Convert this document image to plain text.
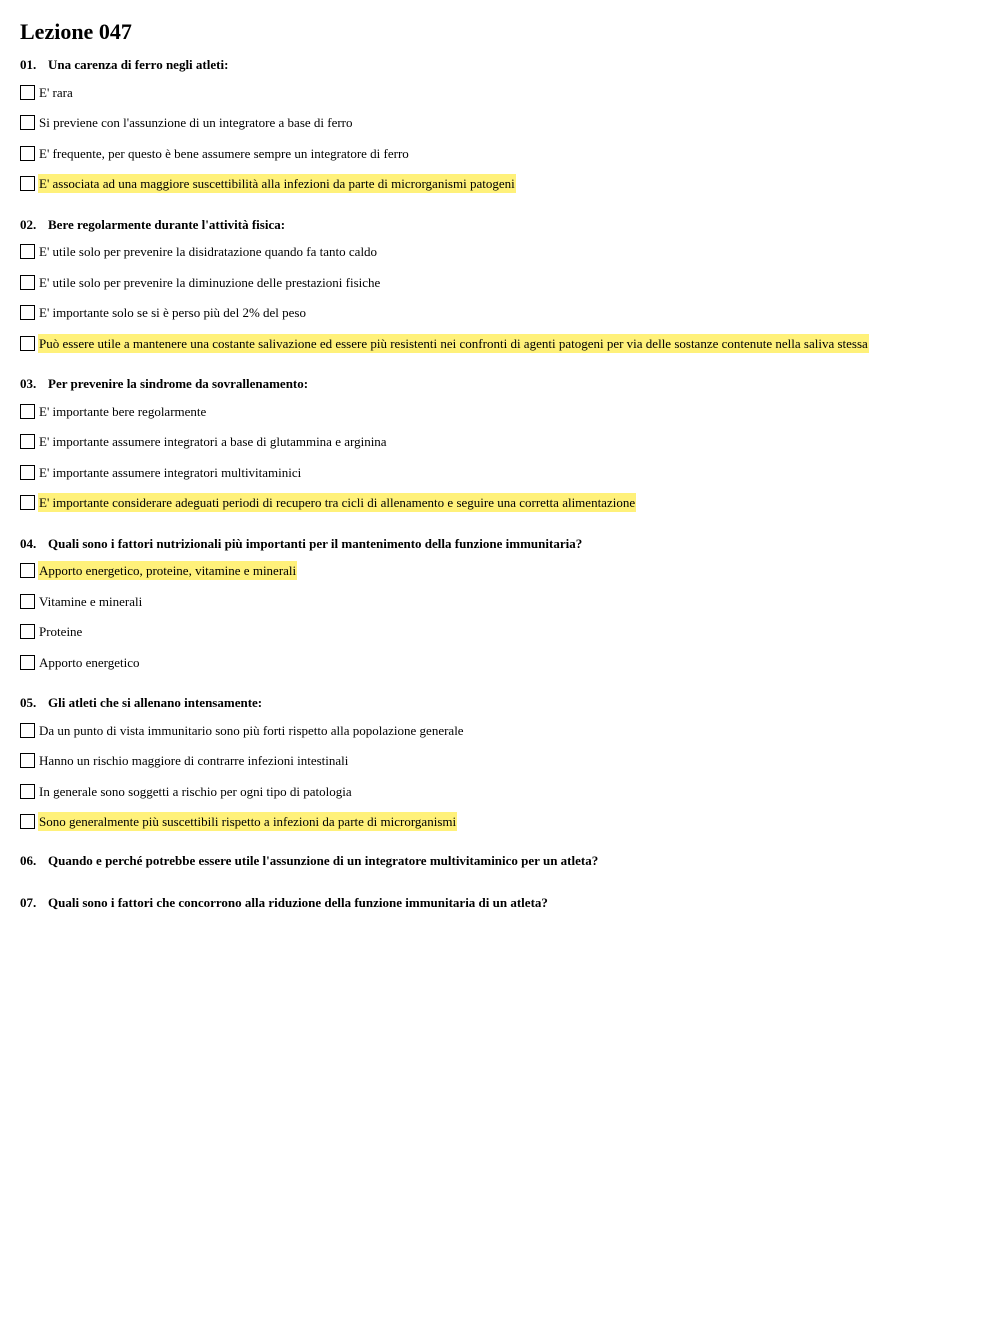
Lezione 047
01. Una carenza di ferro negli atleti:
E' rara
Si previene con l'assunzione di un integratore a base di ferro
E' frequente, per questo è bene assumere sempre un integratore di ferro
E' associata ad una maggiore suscettibilità alla infezioni da parte di microrganismi patogeni
02. Bere regolarmente durante l'attività fisica:
E' utile solo per prevenire la disidratazione quando fa tanto caldo
E' utile solo per prevenire la diminuzione delle prestazioni fisiche
E' importante solo se si è perso più del 2% del peso
Può essere utile a mantenere una costante salivazione ed essere più resistenti nei confronti di agenti patogeni per via delle sostanze contenute nella saliva stessa
03. Per prevenire la sindrome da sovrallenamento:
E' importante bere regolarmente
E' importante assumere integratori a base di glutammina e arginina
E' importante assumere integratori multivitaminici
E' importante considerare adeguati periodi di recupero tra cicli di allenamento e seguire una corretta alimentazione
04. Quali sono i fattori nutrizionali più importanti per il mantenimento della funzione immunitaria?
Apporto energetico, proteine, vitamine e minerali
Vitamine e minerali
Proteine
Apporto energetico
05. Gli atleti che si allenano intensamente:
Da un punto di vista immunitario sono più forti rispetto alla popolazione generale
Hanno un rischio maggiore di contrarre infezioni intestinali
In generale sono soggetti a rischio per ogni tipo di patologia
Sono generalmente più suscettibili rispetto a infezioni da parte di microrganismi
06. Quando e perché potrebbe essere utile l'assunzione di un integratore multivitaminico per un atleta?
07. Quali sono i fattori che concorrono alla riduzione della funzione immunitaria di un atleta?
